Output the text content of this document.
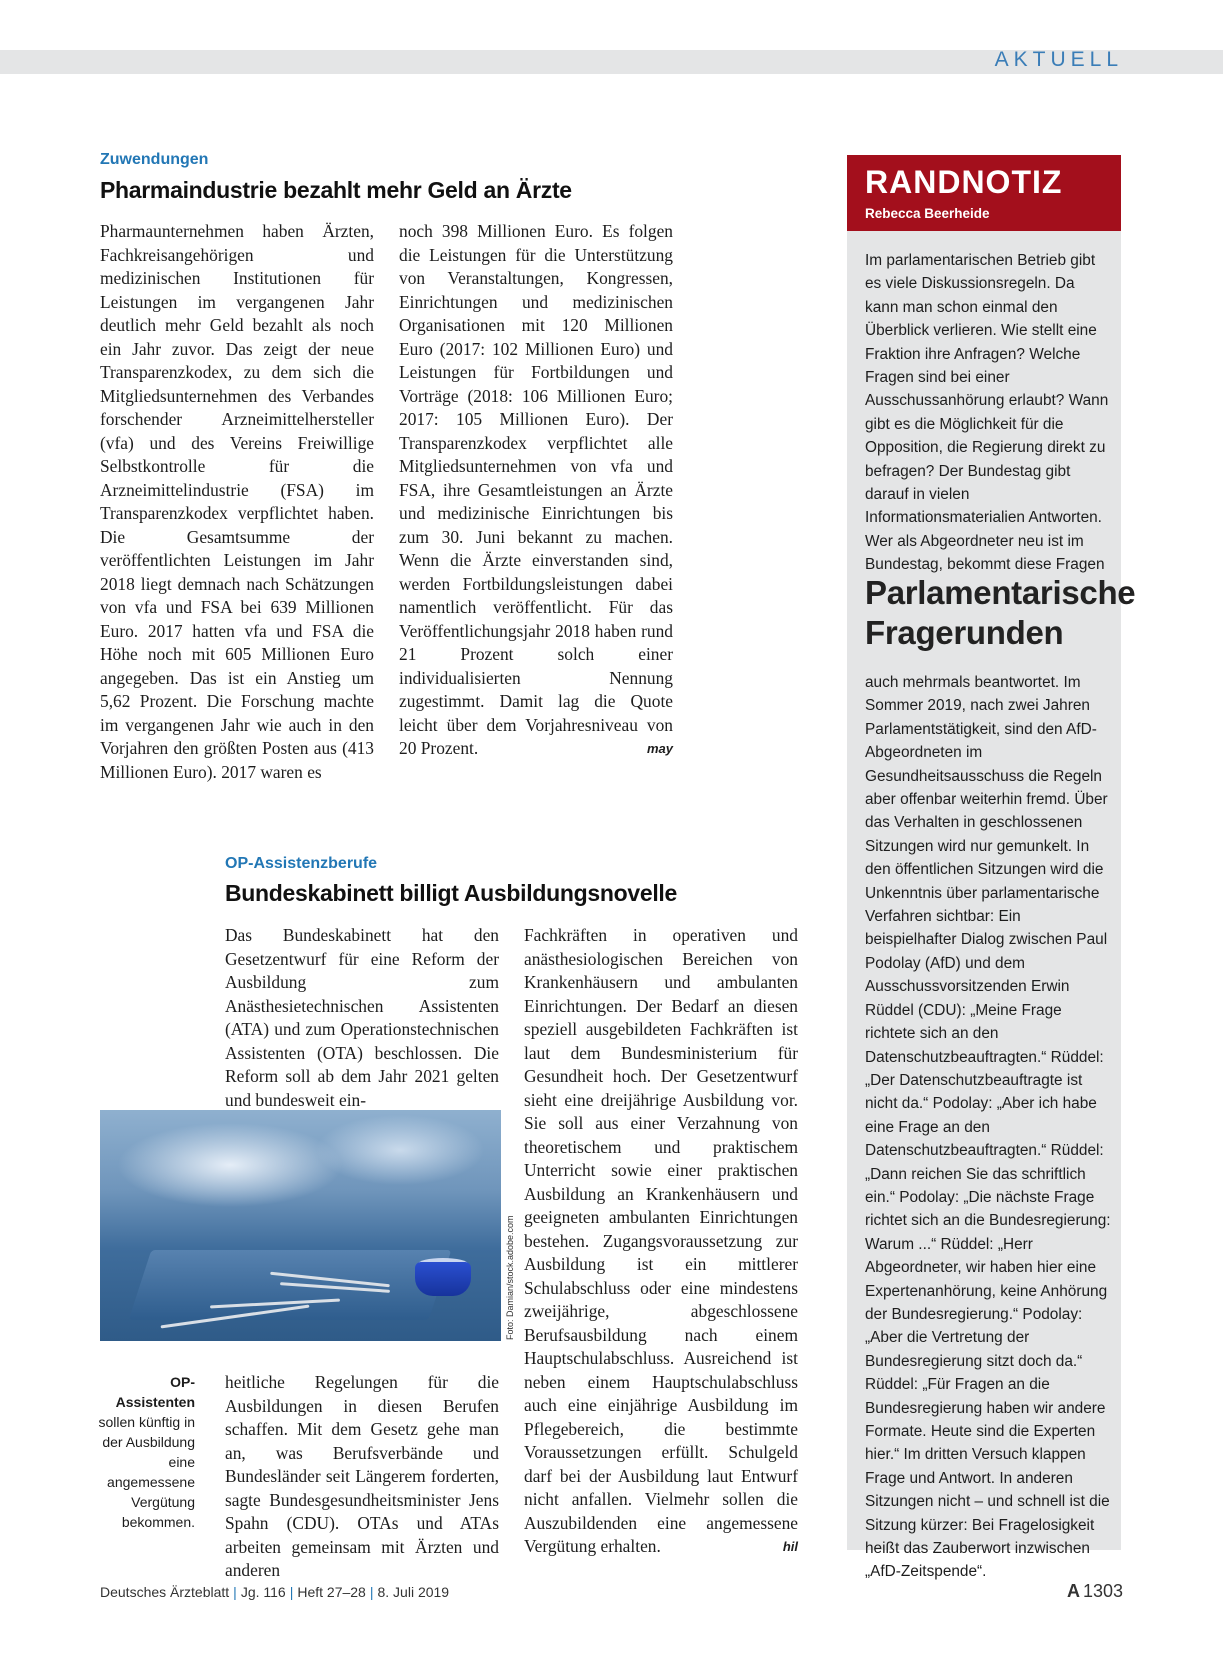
AKTUELL
Zuwendungen
Pharmaindustrie bezahlt mehr Geld an Ärzte
Pharmaunternehmen haben Ärzten, Fachkreisangehörigen und medizinischen Institutionen für Leistungen im vergangenen Jahr deutlich mehr Geld bezahlt als noch ein Jahr zuvor. Das zeigt der neue Transparenzkodex, zu dem sich die Mitgliedsunternehmen des Verbandes forschender Arzneimittelhersteller (vfa) und des Vereins Freiwillige Selbstkontrolle für die Arzneimittelindustrie (FSA) im Transparenzkodex verpflichtet haben. Die Gesamtsumme der veröffentlichten Leistungen im Jahr 2018 liegt demnach nach Schätzungen von vfa und FSA bei 639 Millionen Euro. 2017 hatten vfa und FSA die Höhe noch mit 605 Millionen Euro angegeben. Das ist ein Anstieg um 5,62 Prozent. Die Forschung machte im vergangenen Jahr wie auch in den Vorjahren den größten Posten aus (413 Millionen Euro). 2017 waren es
noch 398 Millionen Euro. Es folgen die Leistungen für die Unterstützung von Veranstaltungen, Kongressen, Einrichtungen und medizinischen Organisationen mit 120 Millionen Euro (2017: 102 Millionen Euro) und Leistungen für Fortbildungen und Vorträge (2018: 106 Millionen Euro; 2017: 105 Millionen Euro). Der Transparenzkodex verpflichtet alle Mitgliedsunternehmen von vfa und FSA, ihre Gesamtleistungen an Ärzte und medizinische Einrichtungen bis zum 30. Juni bekannt zu machen. Wenn die Ärzte einverstanden sind, werden Fortbildungsleistungen dabei namentlich veröffentlicht. Für das Veröffentlichungsjahr 2018 haben rund 21 Prozent solch einer individualisierten Nennung zugestimmt. Damit lag die Quote leicht über dem Vorjahresniveau von 20 Prozent.	may
OP-Assistenzberufe
Bundeskabinett billigt Ausbildungsnovelle
Das Bundeskabinett hat den Gesetzentwurf für eine Reform der Ausbildung zum Anästhesietechnischen Assistenten (ATA) und zum Operationstechnischen Assistenten (OTA) beschlossen. Die Reform soll ab dem Jahr 2021 gelten und bundesweit ein-
Foto: Damian/stock.adobe.com
OP-Assistenten sollen künftig in der Ausbildung eine angemessene Vergütung bekommen.
heitliche Regelungen für die Ausbildungen in diesen Berufen schaffen. Mit dem Gesetz gehe man an, was Berufsverbände und Bundesländer seit Längerem forderten, sagte Bundesgesundheitsminister Jens Spahn (CDU). OTAs und ATAs arbeiten gemeinsam mit Ärzten und anderen
Fachkräften in operativen und anästhesiologischen Bereichen von Krankenhäusern und ambulanten Einrichtungen. Der Bedarf an diesen speziell ausgebildeten Fachkräften ist laut dem Bundesministerium für Gesundheit hoch. Der Gesetzentwurf sieht eine dreijährige Ausbildung vor. Sie soll aus einer Verzahnung von theoretischem und praktischem Unterricht sowie einer praktischen Ausbildung an Krankenhäusern und geeigneten ambulanten Einrichtungen bestehen. Zugangsvoraussetzung zur Ausbildung ist ein mittlerer Schulabschluss oder eine mindestens zweijährige, abgeschlossene Berufsausbildung nach einem Hauptschulabschluss. Ausreichend ist neben einem Hauptschulabschluss auch eine einjährige Ausbildung im Pflegebereich, die bestimmte Voraussetzungen erfüllt. Schulgeld darf bei der Ausbildung laut Entwurf nicht anfallen. Vielmehr sollen die Auszubildenden eine angemessene Vergütung erhalten.	hil
RANDNOTIZ
Rebecca Beerheide
Im parlamentarischen Betrieb gibt es viele Diskussionsregeln. Da kann man schon einmal den Überblick verlieren. Wie stellt eine Fraktion ihre Anfragen? Welche Fragen sind bei einer Ausschussanhörung erlaubt? Wann gibt es die Möglichkeit für die Opposition, die Regierung direkt zu befragen? Der Bundestag gibt darauf in vielen Informationsmaterialien Antworten. Wer als Abgeordneter neu ist im Bundestag, bekommt diese Fragen
Parlamentarische Fragerunden
auch mehrmals beantwortet. Im Sommer 2019, nach zwei Jahren Parlamentstätigkeit, sind den AfD-Abgeordneten im Gesundheitsausschuss die Regeln aber offenbar weiterhin fremd. Über das Verhalten in geschlossenen Sitzungen wird nur gemunkelt. In den öffentlichen Sitzungen wird die Unkenntnis über parlamentarische Verfahren sichtbar: Ein beispielhafter Dialog zwischen Paul Podolay (AfD) und dem Ausschussvorsitzenden Erwin Rüddel (CDU): „Meine Frage richtete sich an den Datenschutzbeauftragten.“ Rüddel: „Der Datenschutzbeauftragte ist nicht da.“ Podolay: „Aber ich habe eine Frage an den Datenschutzbeauftragten.“ Rüddel: „Dann reichen Sie das schriftlich ein.“ Podolay: „Die nächste Frage richtet sich an die Bundesregierung: Warum ...“ Rüddel: „Herr Abgeordneter, wir haben hier eine Expertenanhörung, keine Anhörung der Bundesregierung.“ Podolay: „Aber die Vertretung der Bundesregierung sitzt doch da.“ Rüddel: „Für Fragen an die Bundesregierung haben wir andere Formate. Heute sind die Experten hier.“ Im dritten Versuch klappen Frage und Antwort. In anderen Sitzungen nicht – und schnell ist die Sitzung kürzer: Bei Fragelosigkeit heißt das Zauberwort inzwischen „AfD-Zeitspende“.
Deutsches Ärzteblatt | Jg. 116 | Heft 27–28 | 8. Juli 2019	A 1303
